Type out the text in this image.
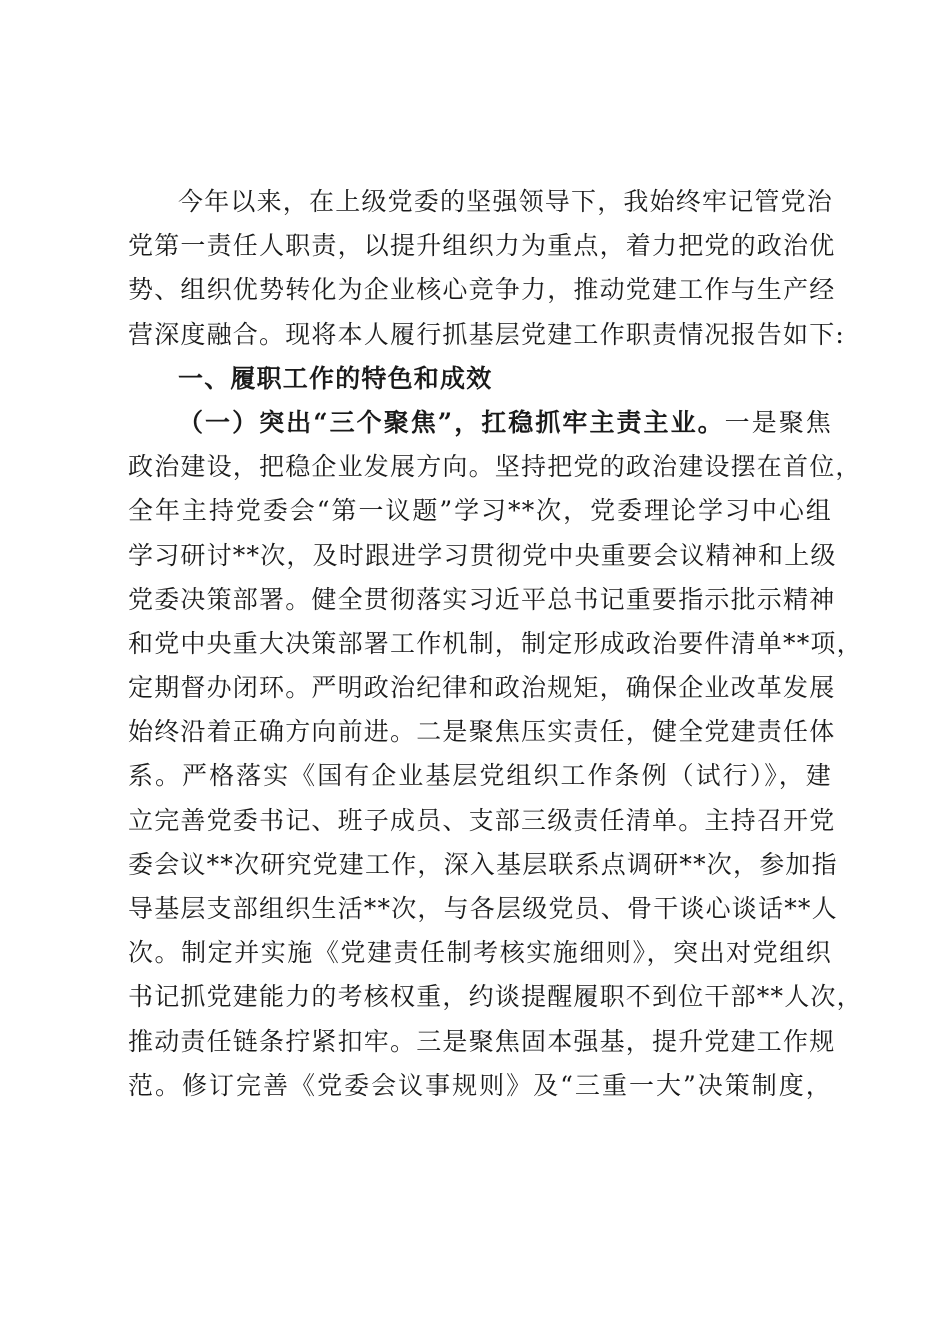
今年以来，在上级党委的坚强领导下，我始终牢记管党治
党第一责任人职责，以提升组织力为重点，着力把党的政治优
势、组织优势转化为企业核心竞争力，推动党建工作与生产经
营深度融合。现将本人履行抓基层党建工作职责情况报告如下:
一、履职工作的特色和成效
（一）突出“三个聚焦”，扛稳抓牢主责主业。一是聚焦
政治建设，把稳企业发展方向。坚持把党的政治建设摆在首位，
全年主持党委会“第一议题”学习**次，党委理论学习中心组
学习研讨**次，及时跟进学习贯彻党中央重要会议精神和上级
党委决策部署。健全贯彻落实习近平总书记重要指示批示精神
和党中央重大决策部署工作机制，制定形成政治要件清单**项，
定期督办闭环。严明政治纪律和政治规矩，确保企业改革发展
始终沿着正确方向前进。二是聚焦压实责任，健全党建责任体
系。严格落实《国有企业基层党组织工作条例（试行）》，建
立完善党委书记、班子成员、支部三级责任清单。主持召开党
委会议**次研究党建工作，深入基层联系点调研**次，参加指
导基层支部组织生活**次，与各层级党员、骨干谈心谈话**人
次。制定并实施《党建责任制考核实施细则》，突出对党组织
书记抓党建能力的考核权重，约谈提醒履职不到位干部**人次，
推动责任链条拧紧扣牢。三是聚焦固本强基，提升党建工作规
范。修订完善《党委会议事规则》及“三重一大”决策制度，
